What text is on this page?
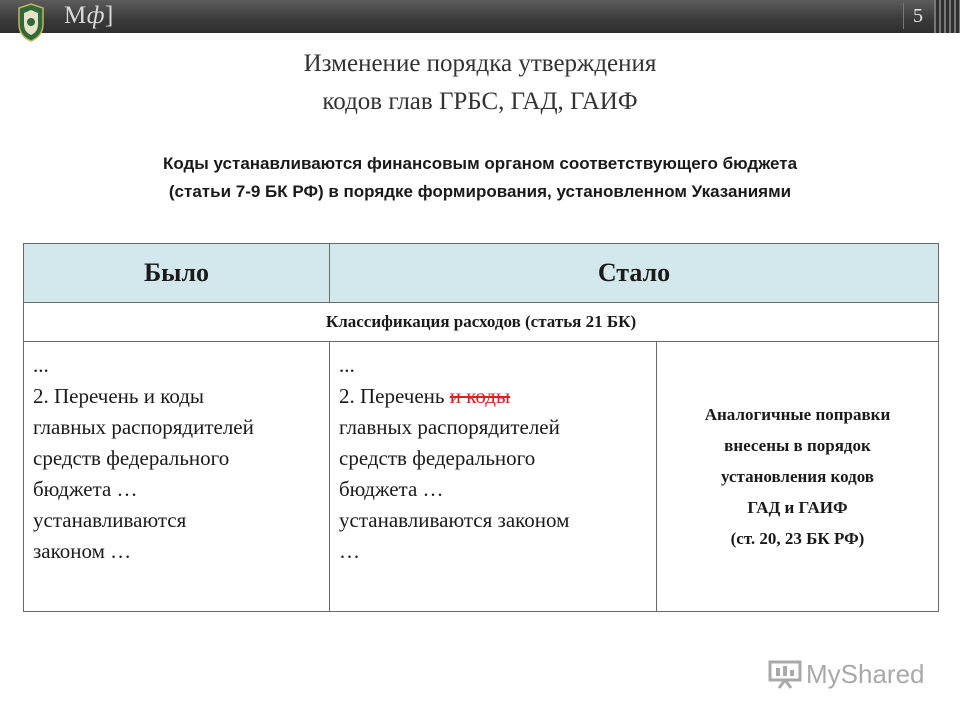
Мф]	5
Изменение порядка утверждения
кодов глав ГРБС, ГАД, ГАИФ
Коды устанавливаются финансовым органом соответствующего бюджета
(статьи 7-9 БК РФ) в порядке формирования, установленном Указаниями
Было	Стало
Классификация расходов (статья 21 БК)
...
2. Перечень и коды
главных распорядителей
средств федерального
бюджета …
устанавливаются
законом …
...
2. Перечень и коды
главных распорядителей
средств федерального
бюджета …
устанавливаются законом
…
Аналогичные поправки
внесены в порядок
установления кодов
ГАД и ГАИФ
(ст. 20, 23 БК РФ)
MyShared
